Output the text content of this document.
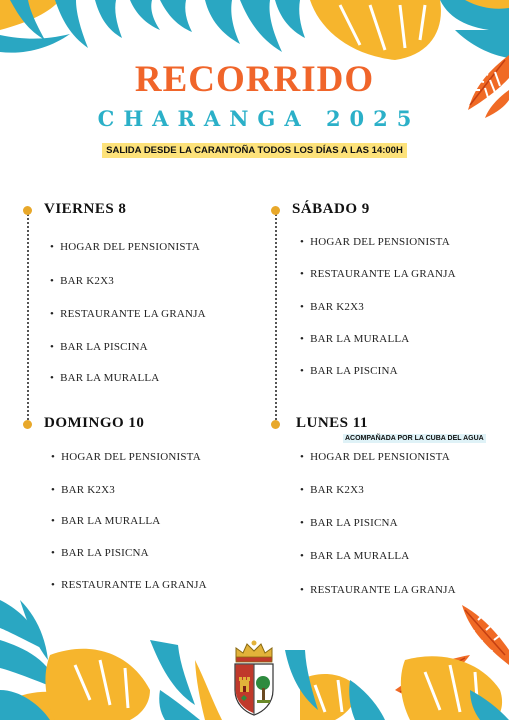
RECORRIDO
CHARANGA 2025
SALIDA DESDE LA CARANTOÑA TODOS LOS DÍAS A LAS 14:00H
VIERNES 8
• HOGAR DEL PENSIONISTA
• BAR K2X3
• RESTAURANTE LA GRANJA
• BAR LA PISCINA
• BAR LA MURALLA
SÁBADO 9
• HOGAR DEL PENSIONISTA
• RESTAURANTE LA GRANJA
• BAR K2X3
• BAR LA MURALLA
• BAR LA PISCINA
DOMINGO 10
• HOGAR DEL PENSIONISTA
• BAR K2X3
• BAR LA MURALLA
• BAR LA PISICNA
• RESTAURANTE LA GRANJA
LUNES 11
ACOMPAÑADA POR LA CUBA DEL AGUA
• HOGAR DEL PENSIONISTA
• BAR K2X3
• BAR LA PISICNA
• BAR LA MURALLA
• RESTAURANTE LA GRANJA
